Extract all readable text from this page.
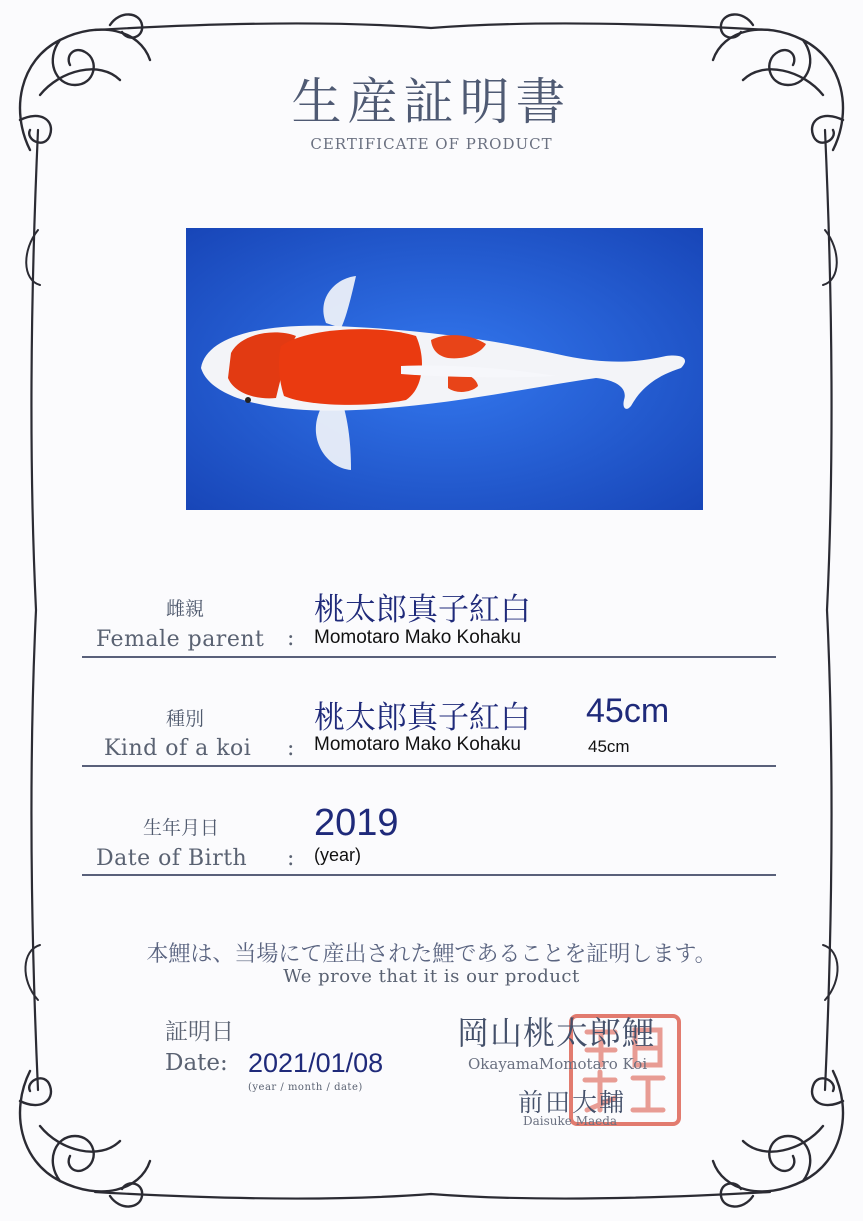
生産証明書
CERTIFICATE OF PRODUCT
雌親
Female parent :
桃太郎真子紅白
Momotaro Mako Kohaku
種別
Kind of a koi :
桃太郎真子紅白
Momotaro Mako Kohaku
45cm
45cm
生年月日
Date of Birth :
2019
(year)
本鯉は、当場にて産出された鯉であることを証明します。
We prove that it is our product
証明日
Date: 2021/01/08
(year / month / date)
岡山桃太郎鯉
OkayamaMomotaro Koi
前田大輔
Daisuke Maeda
